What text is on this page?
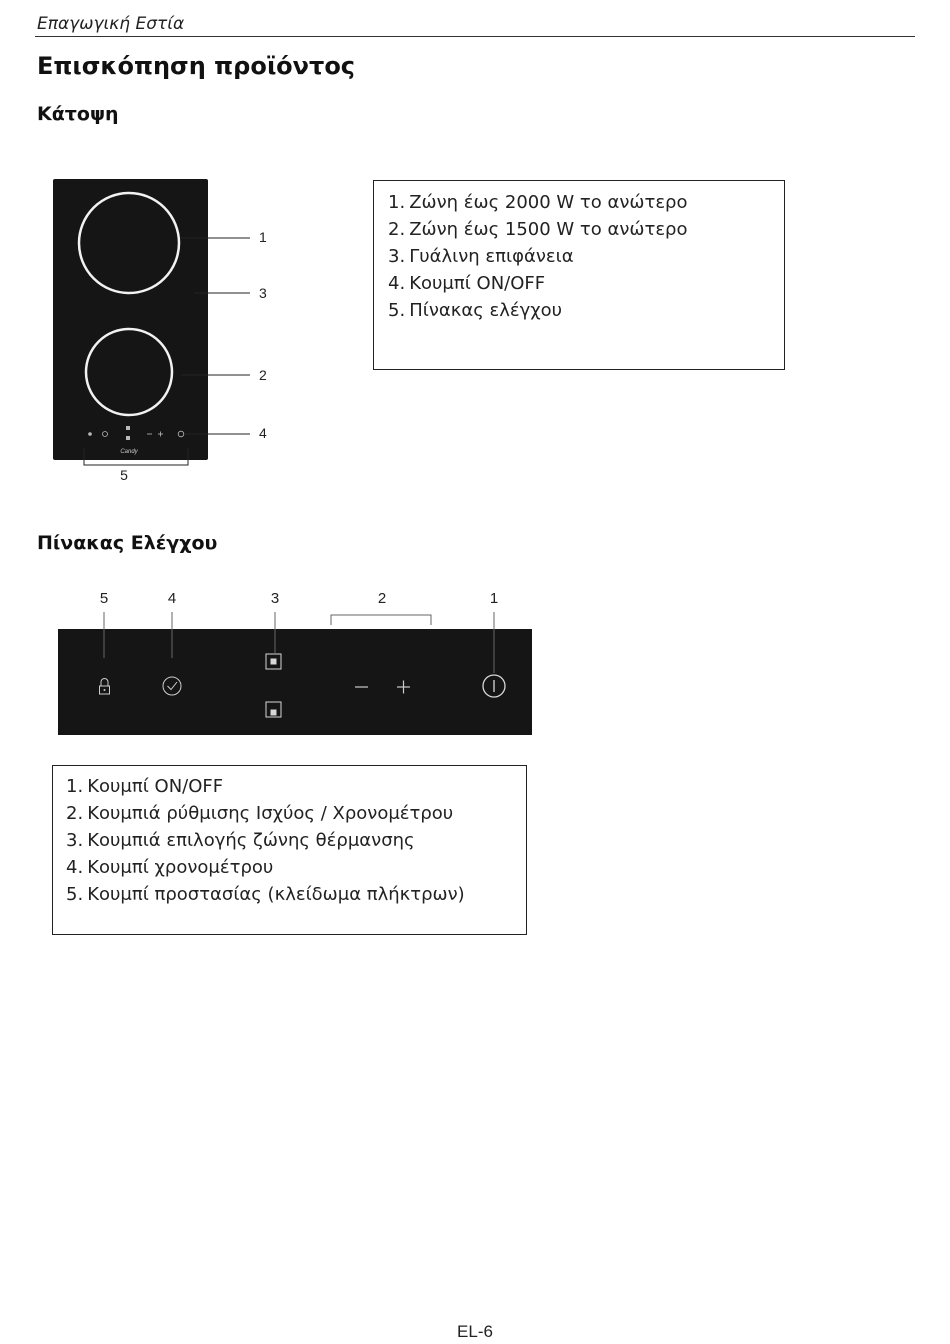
Επαγωγική Εστία
Επισκόπηση προϊόντος
Κάτοψη
Candy
1
3
2
4
5
1. Ζώνη έως 2000 W το ανώτερο
2. Ζώνη έως 1500 W το ανώτερο
3. Γυάλινη επιφάνεια
4. Κουμπί ON/OFF
5. Πίνακας ελέγχου
Πίνακας Ελέγχου
5	4	3	2	1
1. Κουμπί ON/OFF
2. Κουμπιά ρύθμισης Ισχύος / Χρονομέτρου
3. Κουμπιά επιλογής ζώνης θέρμανσης
4. Κουμπί χρονομέτρου
5. Κουμπί προστασίας (κλείδωμα πλήκτρων)
EL-6
